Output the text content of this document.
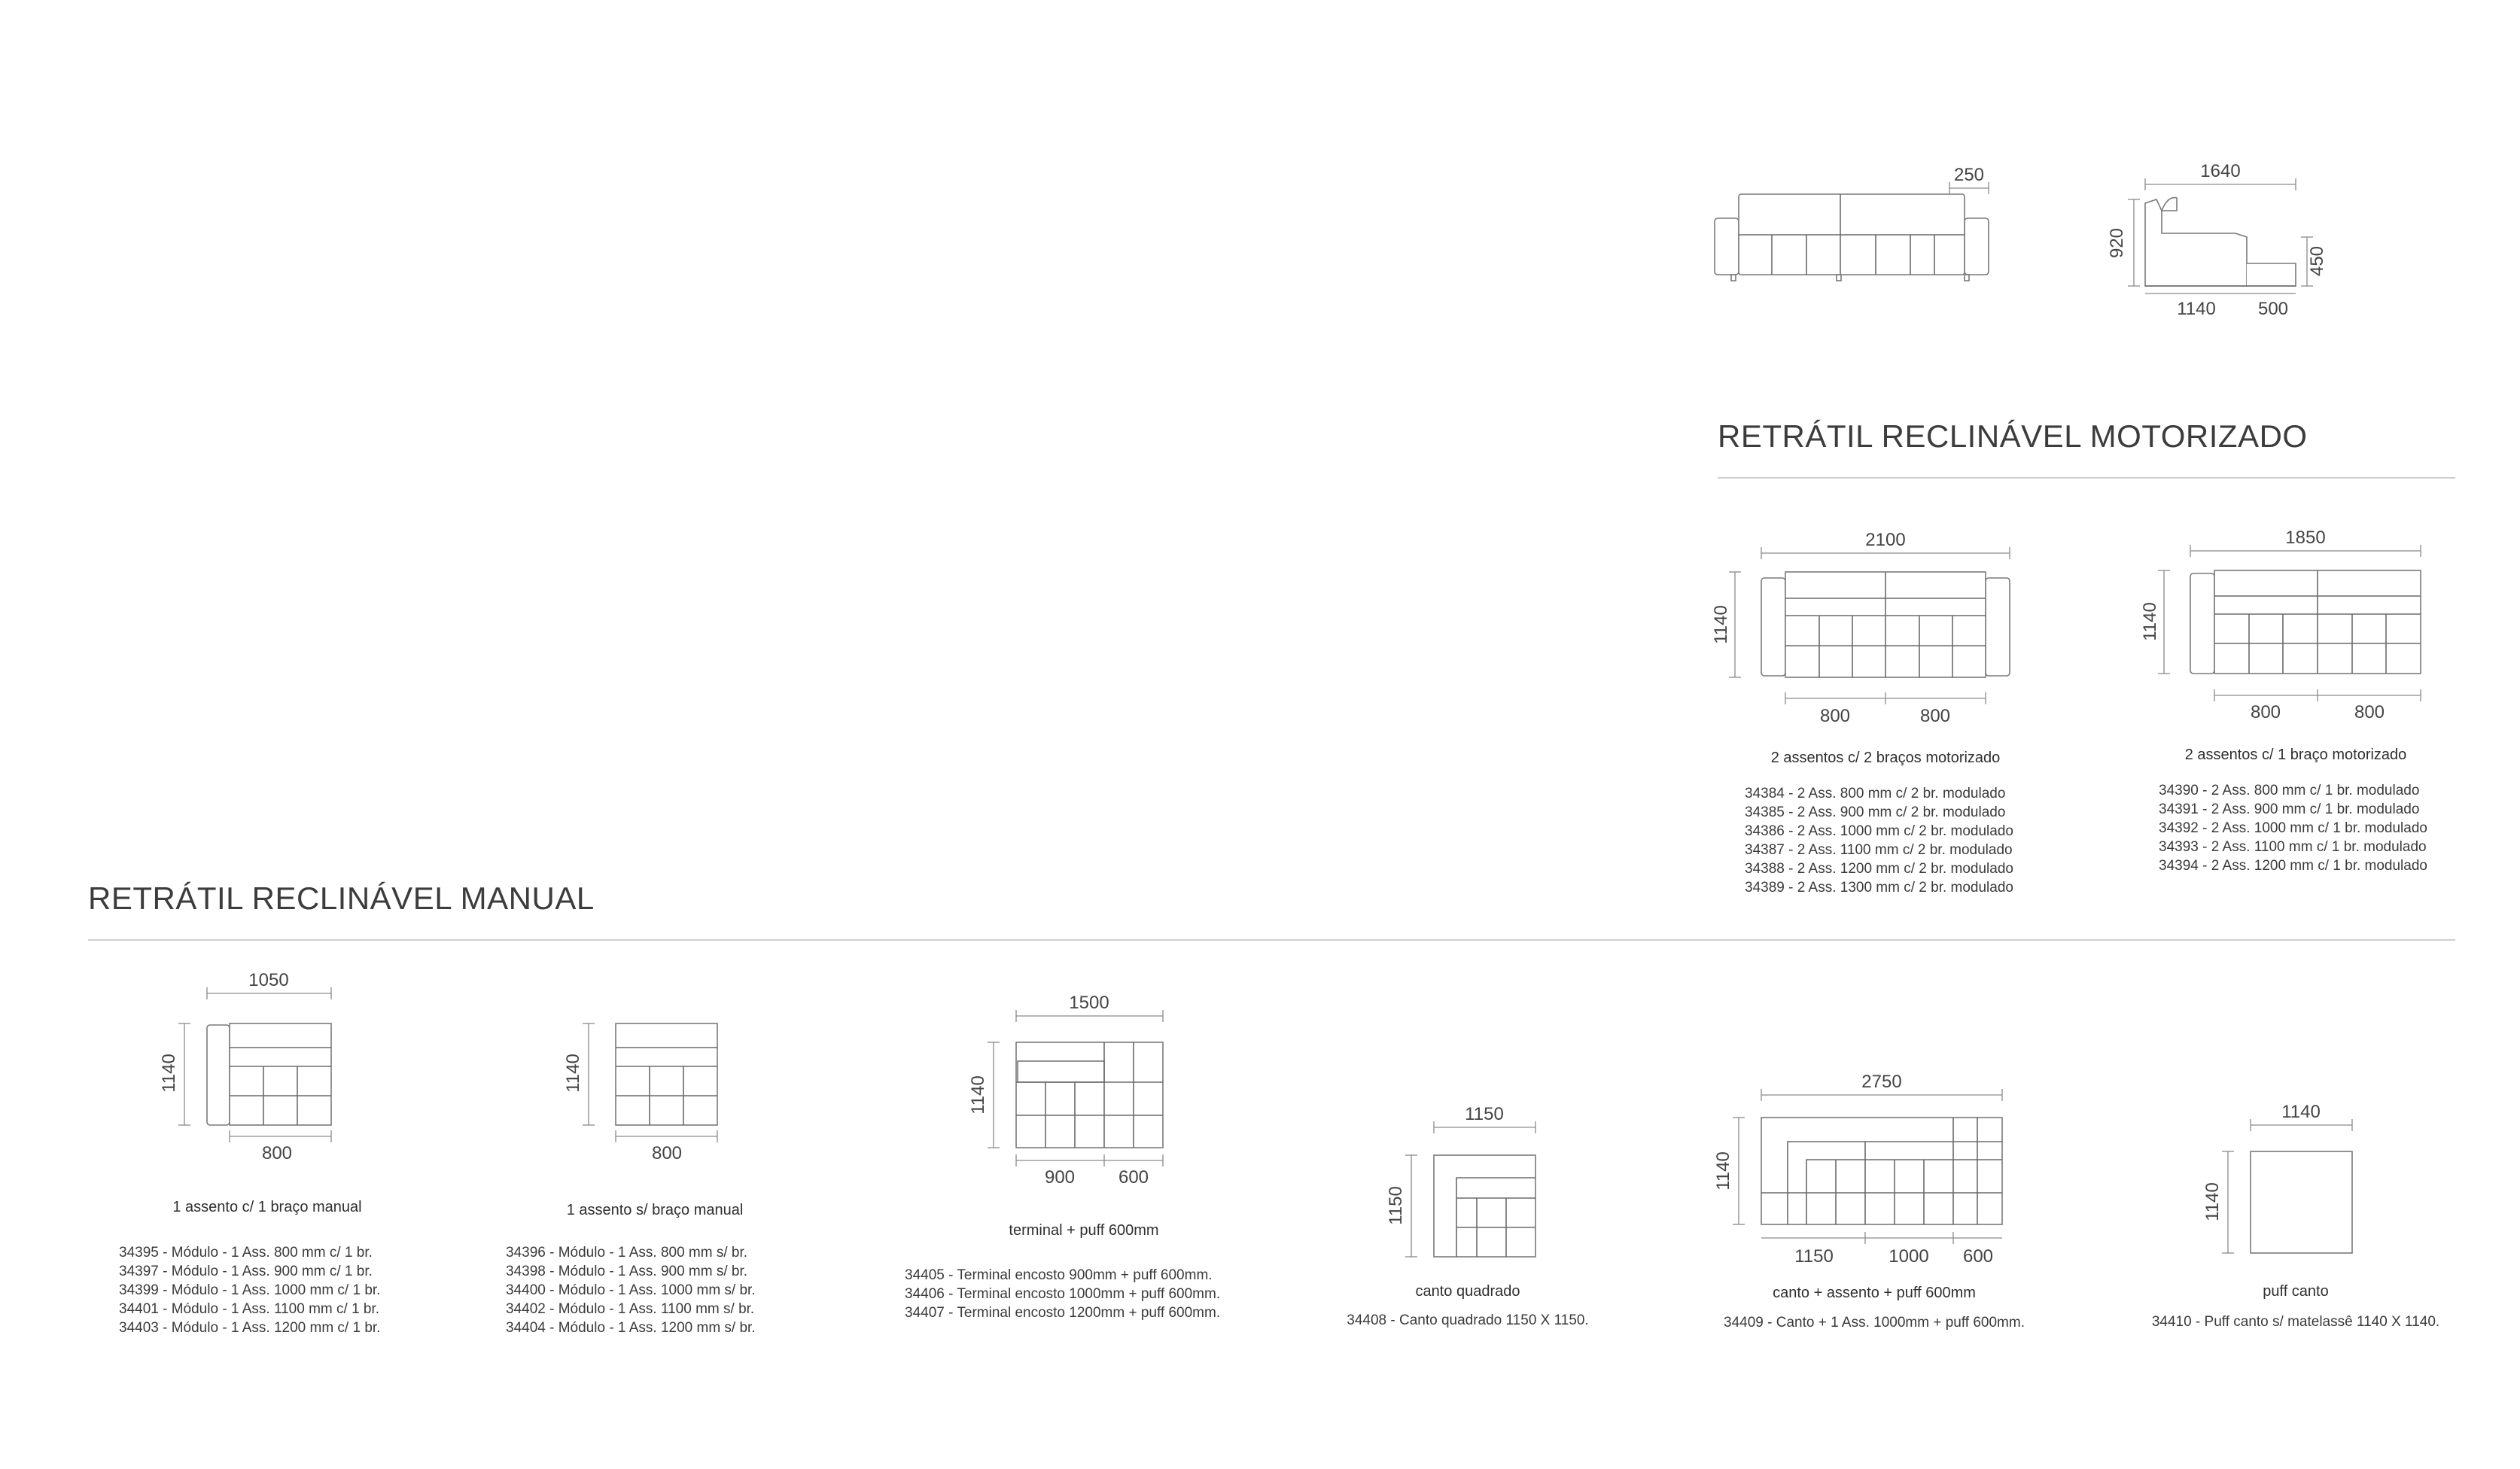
250	1640
920
450
1140 500
RETRÁTIL RECLINÁVEL MOTORIZADO
2100
1140
800	800
2 assentos c/ 2 braços motorizado
34384 - 2 Ass. 800 mm c/ 2 br. modulado
34385 - 2 Ass. 900 mm c/ 2 br. modulado
34386 - 2 Ass. 1000 mm c/ 2 br. modulado
34387 - 2 Ass. 1100 mm c/ 2 br. modulado
34388 - 2 Ass. 1200 mm c/ 2 br. modulado
34389 - 2 Ass. 1300 mm c/ 2 br. modulado
1850
1140
800	800
2 assentos c/ 1 braço motorizado
34390 - 2 Ass. 800 mm c/ 1 br. modulado
34391 - 2 Ass. 900 mm c/ 1 br. modulado
34392 - 2 Ass. 1000 mm c/ 1 br. modulado
34393 - 2 Ass. 1100 mm c/ 1 br. modulado
34394 - 2 Ass. 1200 mm c/ 1 br. modulado
RETRÁTIL RECLINÁVEL MANUAL
1050
1140
800
1 assento c/ 1 braço manual
34395 - Módulo - 1 Ass. 800 mm c/ 1 br.
34397 - Módulo - 1 Ass. 900 mm c/ 1 br.
34399 - Módulo - 1 Ass. 1000 mm c/ 1 br.
34401 - Módulo - 1 Ass. 1100 mm c/ 1 br.
34403 - Módulo - 1 Ass. 1200 mm c/ 1 br.
1140
800
1 assento s/ braço manual
34396 - Módulo - 1 Ass. 800 mm s/ br.
34398 - Módulo - 1 Ass. 900 mm s/ br.
34400 - Módulo - 1 Ass. 1000 mm s/ br.
34402 - Módulo - 1 Ass. 1100 mm s/ br.
34404 - Módulo - 1 Ass. 1200 mm s/ br.
1500
1140
900 600
terminal + puff 600mm
34405 - Terminal encosto 900mm + puff 600mm.
34406 - Terminal encosto 1000mm + puff 600mm.
34407 - Terminal encosto 1200mm + puff 600mm.
1150
1150
canto quadrado
34408 - Canto quadrado 1150 X 1150.
2750
1140
1150	1000 600
canto + assento + puff 600mm
34409 - Canto + 1 Ass. 1000mm + puff 600mm.
1140
1140
puff canto
34410 - Puff canto s/ matelassê 1140 X 1140.
